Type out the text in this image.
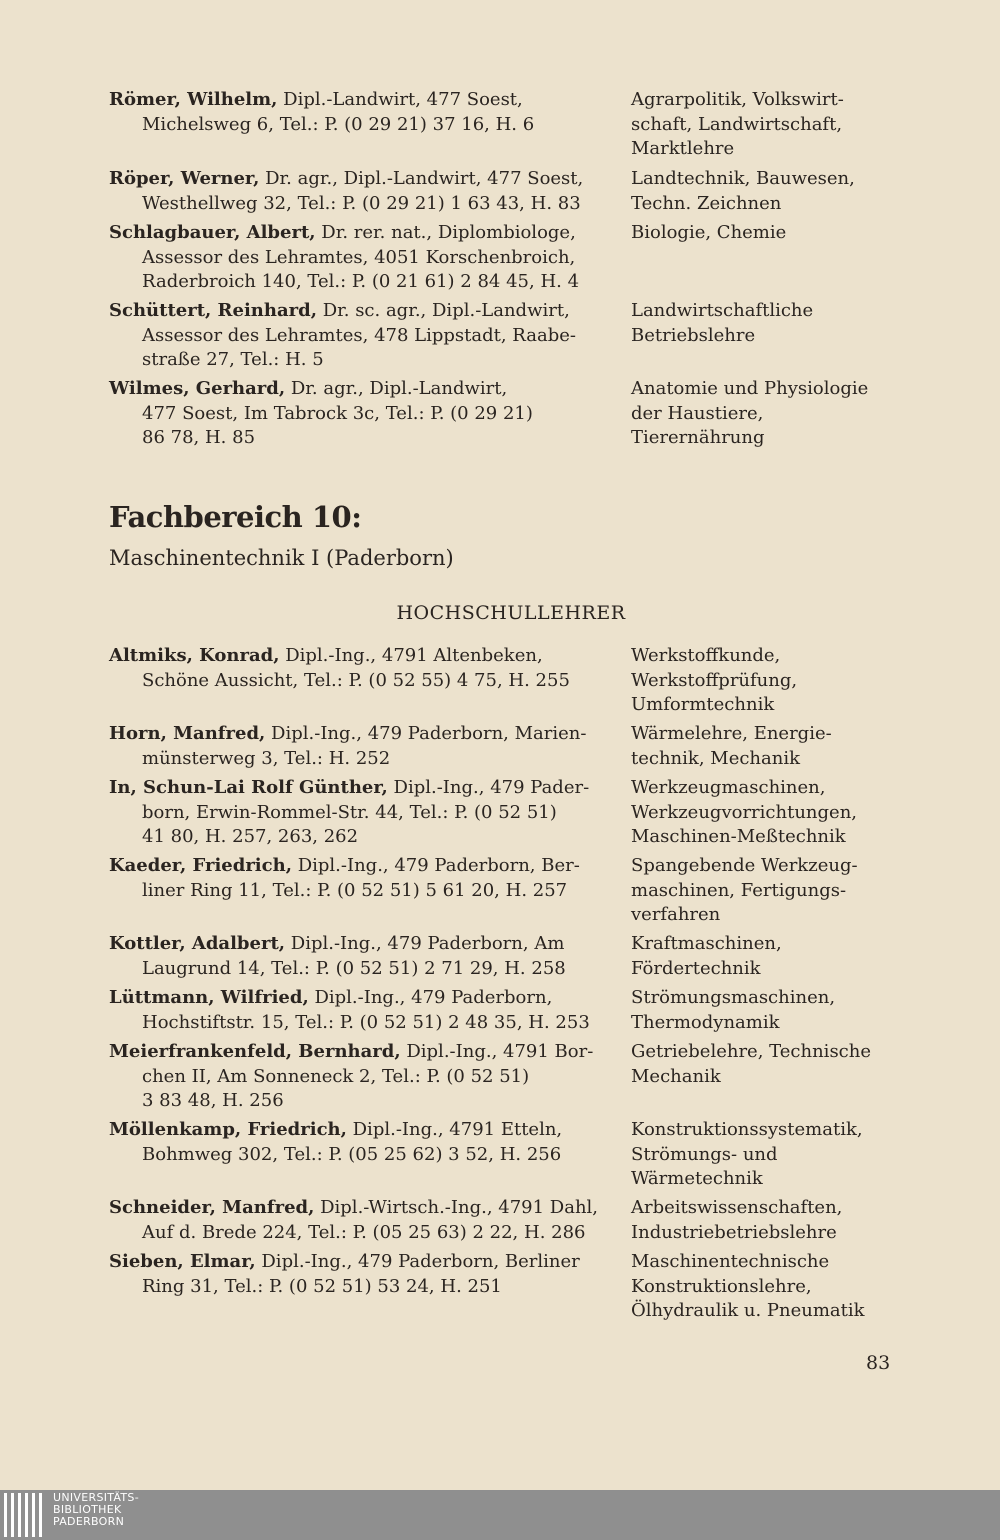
Römer, Wilhelm, Dipl.-Landwirt, 477 Soest,
Michelsweg 6, Tel.: P. (0 29 21) 37 16, H. 6
Agrarpolitik, Volkswirt-
schaft, Landwirtschaft,
Marktlehre
Röper, Werner, Dr. agr., Dipl.-Landwirt, 477 Soest,
Westhellweg 32, Tel.: P. (0 29 21) 1 63 43, H. 83
Landtechnik, Bauwesen,
Techn. Zeichnen
Schlagbauer, Albert, Dr. rer. nat., Diplombiologe,
Assessor des Lehramtes, 4051 Korschenbroich,
Raderbroich 140, Tel.: P. (0 21 61) 2 84 45, H. 4
Biologie, Chemie
Schüttert, Reinhard, Dr. sc. agr., Dipl.-Landwirt,
Assessor des Lehramtes, 478 Lippstadt, Raabe-
straße 27, Tel.: H. 5
Landwirtschaftliche
Betriebslehre
Wilmes, Gerhard, Dr. agr., Dipl.-Landwirt,
477 Soest, Im Tabrock 3c, Tel.: P. (0 29 21)
86 78, H. 85
Anatomie und Physiologie
der Haustiere,
Tierernährung
Fachbereich 10:
Maschinentechnik I (Paderborn)
HOCHSCHULLEHRER
Altmiks, Konrad, Dipl.-Ing., 4791 Altenbeken,
Schöne Aussicht, Tel.: P. (0 52 55) 4 75, H. 255
Werkstoffkunde,
Werkstoffprüfung,
Umformtechnik
Horn, Manfred, Dipl.-Ing., 479 Paderborn, Marien-
münsterweg 3, Tel.: H. 252
Wärmelehre, Energie-
technik, Mechanik
In, Schun-Lai Rolf Günther, Dipl.-Ing., 479 Pader-
born, Erwin-Rommel-Str. 44, Tel.: P. (0 52 51)
41 80, H. 257, 263, 262
Werkzeugmaschinen,
Werkzeugvorrichtungen,
Maschinen-Meßtechnik
Kaeder, Friedrich, Dipl.-Ing., 479 Paderborn, Ber-
liner Ring 11, Tel.: P. (0 52 51) 5 61 20, H. 257
Spangebende Werkzeug-
maschinen, Fertigungs-
verfahren
Kottler, Adalbert, Dipl.-Ing., 479 Paderborn, Am
Laugrund 14, Tel.: P. (0 52 51) 2 71 29, H. 258
Kraftmaschinen,
Fördertechnik
Lüttmann, Wilfried, Dipl.-Ing., 479 Paderborn,
Hochstiftstr. 15, Tel.: P. (0 52 51) 2 48 35, H. 253
Strömungsmaschinen,
Thermodynamik
Meierfrankenfeld, Bernhard, Dipl.-Ing., 4791 Bor-
chen II, Am Sonneneck 2, Tel.: P. (0 52 51)
3 83 48, H. 256
Getriebelehre, Technische
Mechanik
Möllenkamp, Friedrich, Dipl.-Ing., 4791 Etteln,
Bohmweg 302, Tel.: P. (05 25 62) 3 52, H. 256
Konstruktionssystematik,
Strömungs- und
Wärmetechnik
Schneider, Manfred, Dipl.-Wirtsch.-Ing., 4791 Dahl,
Auf d. Brede 224, Tel.: P. (05 25 63) 2 22, H. 286
Arbeitswissenschaften,
Industriebetriebslehre
Sieben, Elmar, Dipl.-Ing., 479 Paderborn, Berliner
Ring 31, Tel.: P. (0 52 51) 53 24, H. 251
Maschinentechnische
Konstruktionslehre,
Ölhydraulik u. Pneumatik
83
UNIVERSITÄTS-
BIBLIOTHEK
PADERBORN
